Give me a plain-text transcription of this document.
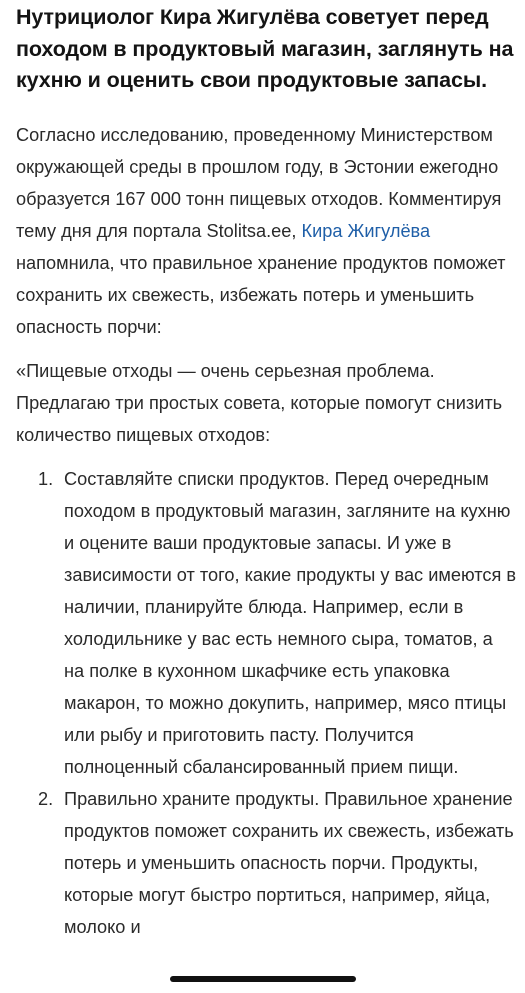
Нутрициолог Кира Жигулёва советует перед походом в продуктовый магазин, заглянуть на кухню и оценить свои продуктовые запасы.

Согласно исследованию, проведенному Министерством окружающей среды в прошлом году, в Эстонии ежегодно образуется 167 000 тонн пищевых отходов. Комментируя тему дня для портала Stolitsa.ee, Кира Жигулёва напомнила, что правильное хранение продуктов поможет сохранить их свежесть, избежать потерь и уменьшить опасность порчи:

«Пищевые отходы — очень серьезная проблема. Предлагаю три простых совета, которые помогут снизить количество пищевых отходов:

1. Составляйте списки продуктов. Перед очередным походом в продуктовый магазин, загляните на кухню и оцените ваши продуктовые запасы. И уже в зависимости от того, какие продукты у вас имеются в наличии, планируйте блюда. Например, если в холодильнике у вас есть немного сыра, томатов, а на полке в кухонном шкафчике есть упаковка макарон, то можно докупить, например, мясо птицы или рыбу и приготовить пасту. Получится полноценный сбалансированный прием пищи.
2. Правильно храните продукты. Правильное хранение продуктов поможет сохранить их свежесть, избежать потерь и уменьшить опасность порчи. Продукты, которые могут быстро портиться, например, яйца, молоко и
